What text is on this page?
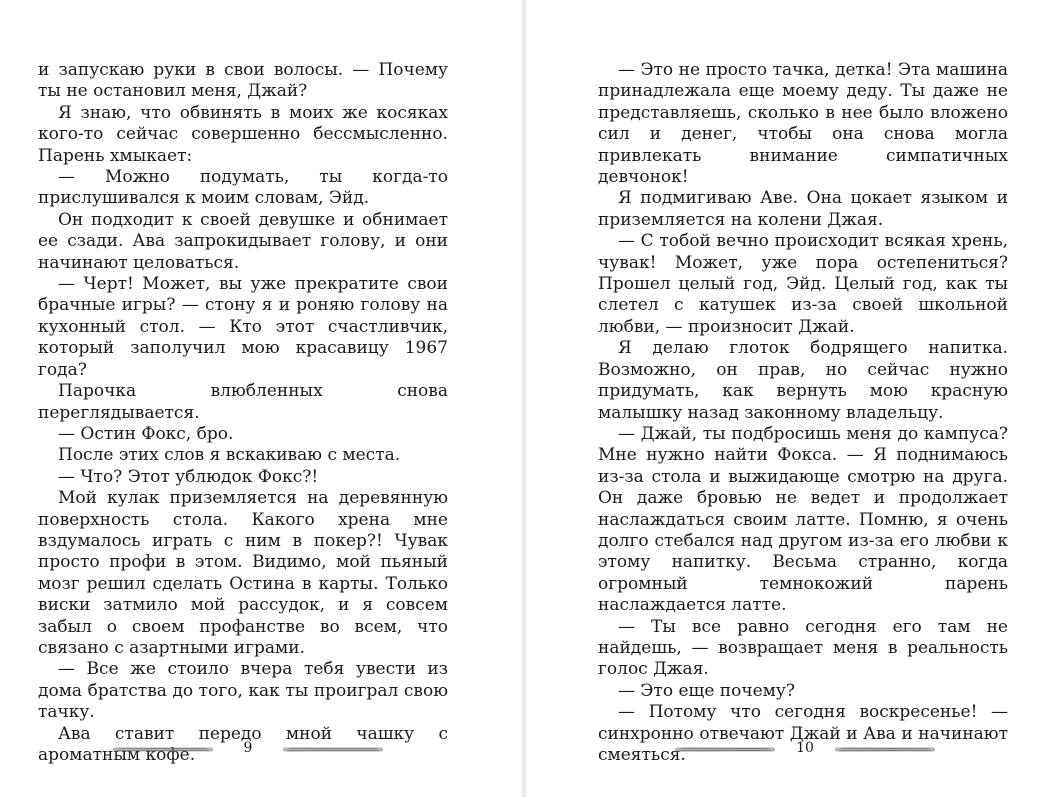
и запускаю руки в свои волосы. — Почему ты не остановил меня, Джай?

Я знаю, что обвинять в моих же косяках кого-то сейчас совершенно бессмысленно. Парень хмыкает:

— Можно подумать, ты когда-то прислушивался к моим словам, Эйд.

Он подходит к своей девушке и обнимает ее сзади. Ава запрокидывает голову, и они начинают целоваться.

— Черт! Может, вы уже прекратите свои брачные игры? — стону я и роняю голову на кухонный стол. — Кто этот счастливчик, который заполучил мою красавицу 1967 года?

Парочка влюбленных снова переглядывается.

— Остин Фокс, бро.

После этих слов я вскакиваю с места.

— Что? Этот ублюдок Фокс?!

Мой кулак приземляется на деревянную поверхность стола. Какого хрена мне вздумалось играть с ним в покер?! Чувак просто профи в этом. Видимо, мой пьяный мозг решил сделать Остина в карты. Только виски затмило мой рассудок, и я совсем забыл о своем профанстве во всем, что связано с азартными играми.

— Все же стоило вчера тебя увести из дома братства до того, как ты проиграл свою тачку.

Ава ставит передо мной чашку с ароматным кофе.

— Это не просто тачка, детка! Эта машина принадлежала еще моему деду. Ты даже не представляешь, сколько в нее было вложено сил и денег, чтобы она снова могла привлекать внимание симпатичных девчонок!

Я подмигиваю Аве. Она цокает языком и приземляется на колени Джая.

— С тобой вечно происходит всякая хрень, чувак! Может, уже пора остепениться? Прошел целый год, Эйд. Целый год, как ты слетел с катушек из-за своей школьной любви, — произносит Джай.

Я делаю глоток бодрящего напитка. Возможно, он прав, но сейчас нужно придумать, как вернуть мою красную малышку назад законному владельцу.

— Джай, ты подбросишь меня до кампуса? Мне нужно найти Фокса. — Я поднимаюсь из-за стола и выжидающе смотрю на друга. Он даже бровью не ведет и продолжает наслаждаться своим латте. Помню, я очень долго стебался над другом из-за его любви к этому напитку. Весьма странно, когда огромный темнокожий парень наслаждается латте.

— Ты все равно сегодня его там не найдешь, — возвращает меня в реальность голос Джая.

— Это еще почему?

— Потому что сегодня воскресенье! — синхронно отвечают Джай и Ава и начинают смеяться.

9	10
